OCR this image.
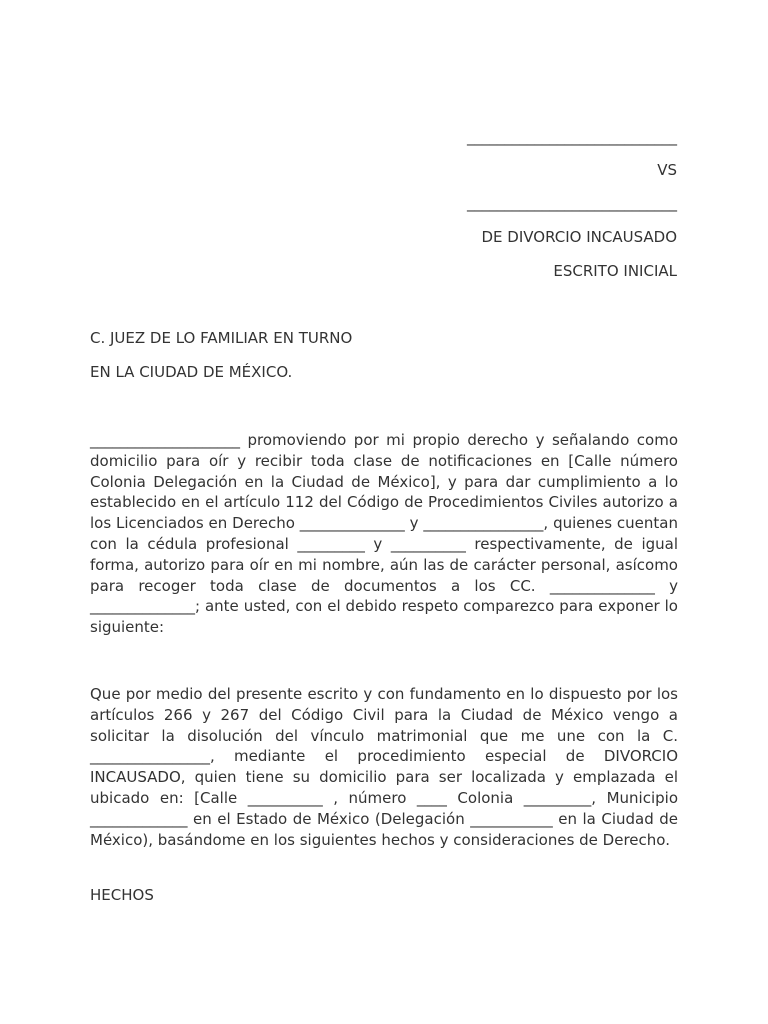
____________________________
VS
____________________________
DE DIVORCIO INCAUSADO
ESCRITO INICIAL
C. JUEZ DE LO FAMILIAR EN TURNO
EN LA CIUDAD DE MÉXICO.
____________________ promoviendo por mi propio derecho y señalando como domicilio para oír y recibir toda clase de notificaciones en [Calle número Colonia Delegación en la Ciudad de México], y para dar cumplimiento a lo establecido en el artículo 112 del Código de Procedimientos Civiles autorizo a los Licenciados en Derecho ______________ y ________________, quienes cuentan con la cédula profesional _________ y __________ respectivamente, de igual forma, autorizo para oír en mi nombre, aún las de carácter personal, asícomo para recoger toda clase de documentos a los CC. ______________ y ______________; ante usted, con el debido respeto comparezco para exponer lo siguiente:
Que por medio del presente escrito y con fundamento en lo dispuesto por los artículos 266 y 267 del Código Civil para la Ciudad de México vengo a solicitar la disolución del vínculo matrimonial que me une con la C. ________________, mediante el procedimiento especial de DIVORCIO INCAUSADO, quien tiene su domicilio para ser localizada y emplazada el ubicado en: [Calle __________ , número ____ Colonia _________, Municipio _____________ en el Estado de México (Delegación ___________ en la Ciudad de México), basándome en los siguientes hechos y consideraciones de Derecho.
HECHOS
